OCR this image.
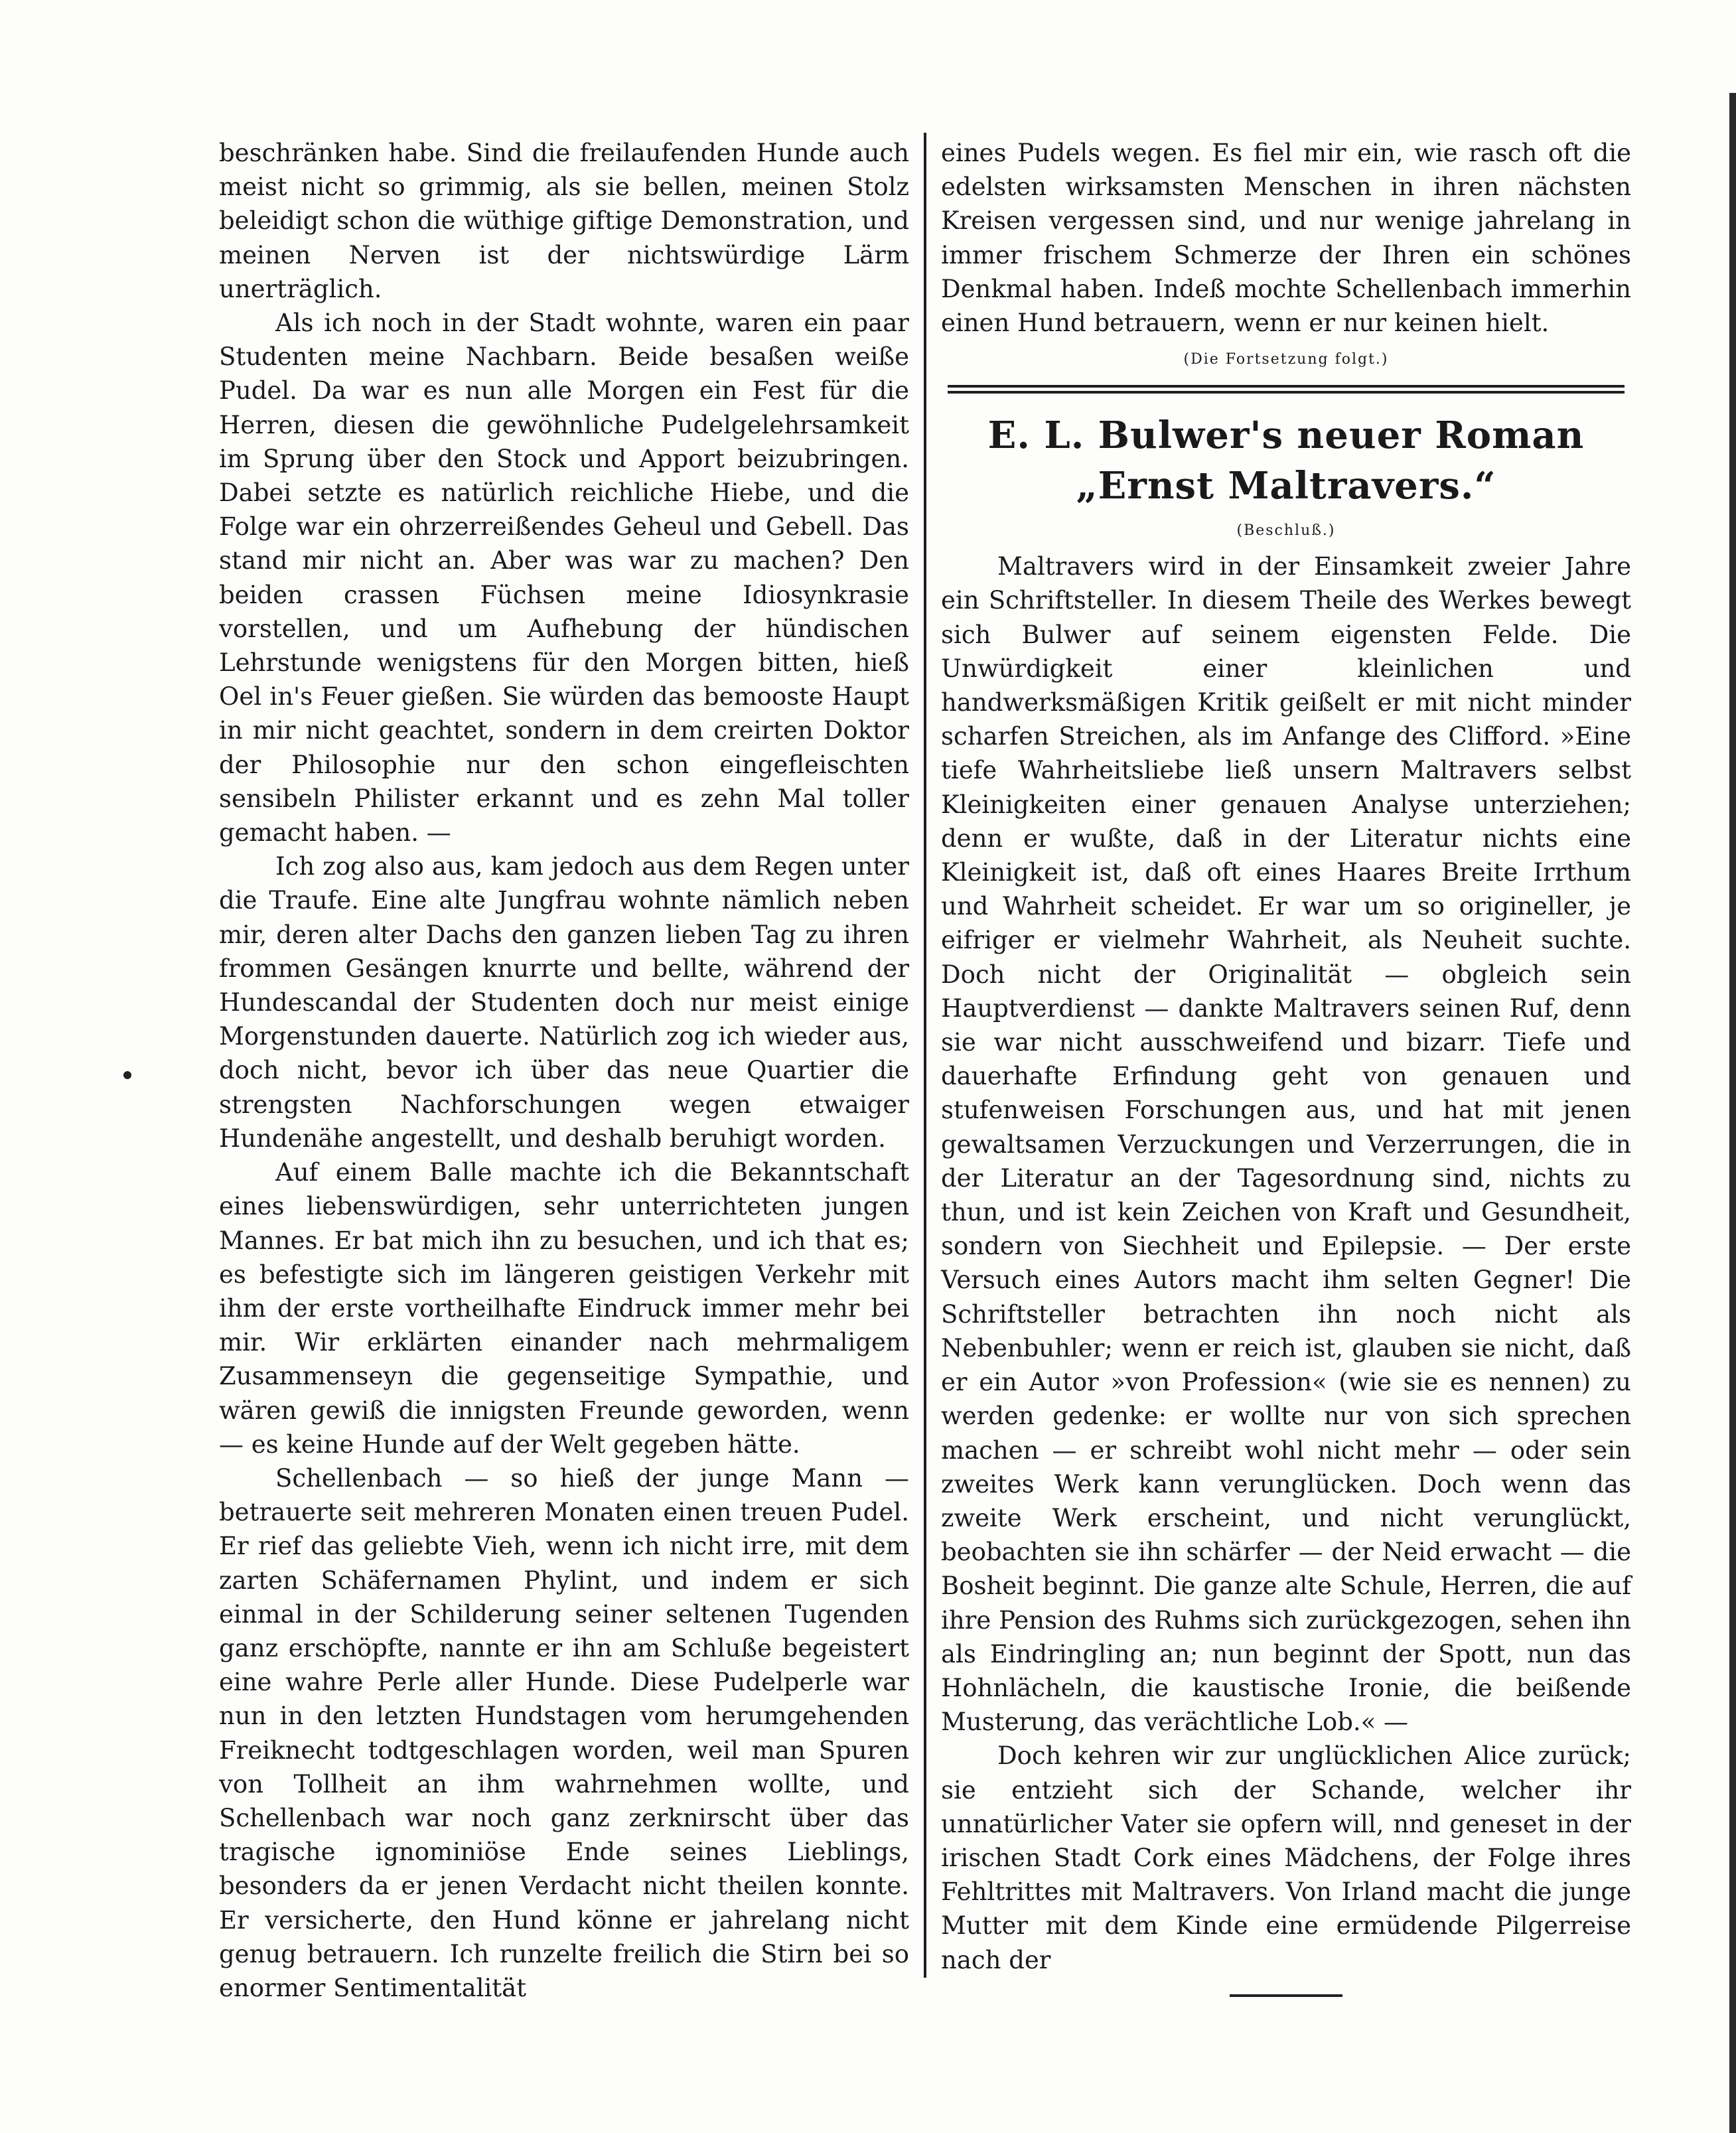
beschränken habe. Sind die freilaufenden Hunde auch meist nicht so grimmig, als sie bellen, meinen Stolz beleidigt schon die wüthige giftige Demonstration, und meinen Nerven ist der nichtswürdige Lärm unerträglich.

Als ich noch in der Stadt wohnte, waren ein paar Studenten meine Nachbarn. Beide besaßen weiße Pudel. Da war es nun alle Morgen ein Fest für die Herren, diesen die gewöhnliche Pudelgelehrsamkeit im Sprung über den Stock und Apport beizubringen. Dabei setzte es natürlich reichliche Hiebe, und die Folge war ein ohrzerreißendes Geheul und Gebell. Das stand mir nicht an. Aber was war zu machen? Den beiden crassen Füchsen meine Idiosynkrasie vorstellen, und um Aufhebung der hündischen Lehrstunde wenigstens für den Morgen bitten, hieß Oel in's Feuer gießen. Sie würden das bemooste Haupt in mir nicht geachtet, sondern in dem creirten Doktor der Philosophie nur den schon eingefleischten sensibeln Philister erkannt und es zehn Mal toller gemacht haben. —

Ich zog also aus, kam jedoch aus dem Regen unter die Traufe. Eine alte Jungfrau wohnte nämlich neben mir, deren alter Dachs den ganzen lieben Tag zu ihren frommen Gesängen knurrte und bellte, während der Hundescandal der Studenten doch nur meist einige Morgenstunden dauerte. Natürlich zog ich wieder aus, doch nicht, bevor ich über das neue Quartier die strengsten Nachforschungen wegen etwaiger Hundenähe angestellt, und deshalb beruhigt worden.

Auf einem Balle machte ich die Bekanntschaft eines liebenswürdigen, sehr unterrichteten jungen Mannes. Er bat mich ihn zu besuchen, und ich that es; es befestigte sich im längeren geistigen Verkehr mit ihm der erste vortheilhafte Eindruck immer mehr bei mir. Wir erklärten einander nach mehrmaligem Zusammenseyn die gegenseitige Sympathie, und wären gewiß die innigsten Freunde geworden, wenn — es keine Hunde auf der Welt gegeben hätte.

Schellenbach — so hieß der junge Mann — betrauerte seit mehreren Monaten einen treuen Pudel. Er rief das geliebte Vieh, wenn ich nicht irre, mit dem zarten Schäfernamen Phylint, und indem er sich einmal in der Schilderung seiner seltenen Tugenden ganz erschöpfte, nannte er ihn am Schluße begeistert eine wahre Perle aller Hunde. Diese Pudelperle war nun in den letzten Hundstagen vom herumgehenden Freiknecht todtgeschlagen worden, weil man Spuren von Tollheit an ihm wahrnehmen wollte, und Schellenbach war noch ganz zerknirscht über das tragische ignominiöse Ende seines Lieblings, besonders da er jenen Verdacht nicht theilen konnte. Er versicherte, den Hund könne er jahrelang nicht genug betrauern. Ich runzelte freilich die Stirn bei so enormer Sentimentalität

eines Pudels wegen. Es fiel mir ein, wie rasch oft die edelsten wirksamsten Menschen in ihren nächsten Kreisen vergessen sind, und nur wenige jahrelang in immer frischem Schmerze der Ihren ein schönes Denkmal haben. Indeß mochte Schellenbach immerhin einen Hund betrauern, wenn er nur keinen hielt.

(Die Fortsetzung folgt.)
E. L. Bulwer's neuer Roman „Ernst Maltravers.“
(Beschluß.)

Maltravers wird in der Einsamkeit zweier Jahre ein Schriftsteller. In diesem Theile des Werkes bewegt sich Bulwer auf seinem eigensten Felde. Die Unwürdigkeit einer kleinlichen und handwerksmäßigen Kritik geißelt er mit nicht minder scharfen Streichen, als im Anfange des Clifford. »Eine tiefe Wahrheitsliebe ließ unsern Maltravers selbst Kleinigkeiten einer genauen Analyse unterziehen; denn er wußte, daß in der Literatur nichts eine Kleinigkeit ist, daß oft eines Haares Breite Irrthum und Wahrheit scheidet. Er war um so origineller, je eifriger er vielmehr Wahrheit, als Neuheit suchte. Doch nicht der Originalität — obgleich sein Hauptverdienst — dankte Maltravers seinen Ruf, denn sie war nicht ausschweifend und bizarr. Tiefe und dauerhafte Erfindung geht von genauen und stufenweisen Forschungen aus, und hat mit jenen gewaltsamen Verzuckungen und Verzerrungen, die in der Literatur an der Tagesordnung sind, nichts zu thun, und ist kein Zeichen von Kraft und Gesundheit, sondern von Siechheit und Epilepsie. — Der erste Versuch eines Autors macht ihm selten Gegner! Die Schriftsteller betrachten ihn noch nicht als Nebenbuhler; wenn er reich ist, glauben sie nicht, daß er ein Autor »von Profession« (wie sie es nennen) zu werden gedenke: er wollte nur von sich sprechen machen — er schreibt wohl nicht mehr — oder sein zweites Werk kann verunglücken. Doch wenn das zweite Werk erscheint, und nicht verunglückt, beobachten sie ihn schärfer — der Neid erwacht — die Bosheit beginnt. Die ganze alte Schule, Herren, die auf ihre Pension des Ruhms sich zurückgezogen, sehen ihn als Eindringling an; nun beginnt der Spott, nun das Hohnlächeln, die kaustische Ironie, die beißende Musterung, das verächtliche Lob.« —

Doch kehren wir zur unglücklichen Alice zurück; sie entzieht sich der Schande, welcher ihr unnatürlicher Vater sie opfern will, nnd geneset in der irischen Stadt Cork eines Mädchens, der Folge ihres Fehltrittes mit Maltravers. Von Irland macht die junge Mutter mit dem Kinde eine ermüdende Pilgerreise nach der
